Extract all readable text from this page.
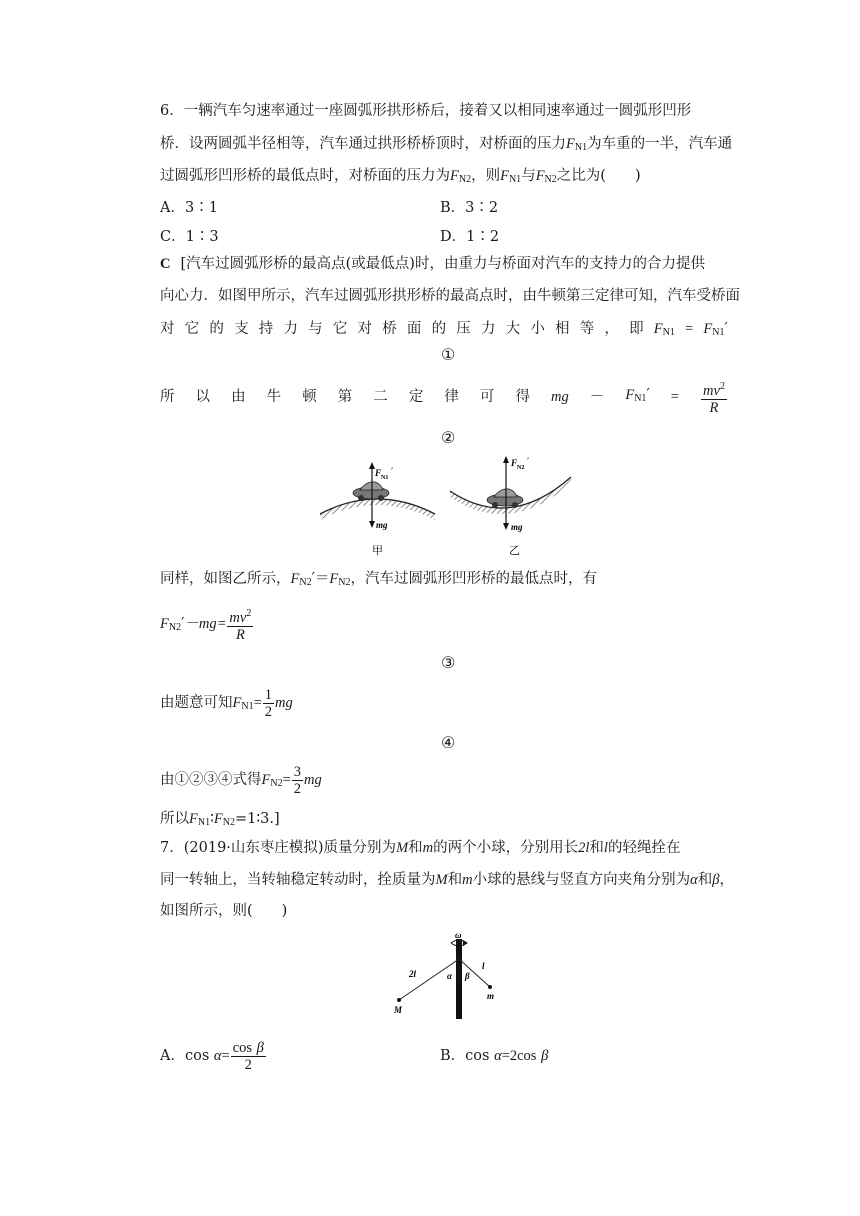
6．一辆汽车匀速率通过一座圆弧形拱形桥后，接着又以相同速率通过一圆弧形凹形
桥．设两圆弧半径相等，汽车通过拱形桥桥顶时，对桥面的压力$F_{N1}$为车重的一半，汽车通
过圆弧形凹形桥的最低点时，对桥面的压力为$F_{N2}$，则$F_{N1}$与$F_{N2}$之比为(　　)
A．3∶1	B．3∶2
C．1∶3	D．1∶2
C [汽车过圆弧形桥的最高点(或最低点)时，由重力与桥面对汽车的支持力的合力提供
向心力．如图甲所示，汽车过圆弧形拱形桥的最高点时，由牛顿第三定律可知，汽车受桥面
对 它 的 支 持 力 与 它 对 桥 面 的 压 力 大 小 相 等 ， 即 $F_{N1} = F_{N1}'$
①
所 以 由 牛 顿 第 二 定 律 可 得 mg － $F_{N1}' = \frac{mv^2}{R}$
②
F N1
′
mg
甲
F N2
′
mg
乙
同样，如图乙所示，$F_{N2}'=F_{N2}$，汽车过圆弧形凹形桥的最低点时，有
$F_{N2}'-mg= \frac{mv^2}{R}$
③
由题意可知$F_{N1}= \frac{1}{2}$ mg
④
由①②③④式得$F_{N2}= \frac{3}{2}$ mg
所以$F_{N1}∶F_{N2}=1∶3$.]
7．(2019·山东枣庄模拟)质量分别为M和m的两个小球，分别用长2l和l的轻绳拴在
同一转轴上，当转轴稳定转动时，拴质量为M和m小球的悬线与竖直方向夹角分别为α和β，
如图所示，则(　　)
ω
2l
l
α β
M
m
A．$\cos \alpha= \frac{\text{cos β}}{2}$	B．cos α=2cos β
